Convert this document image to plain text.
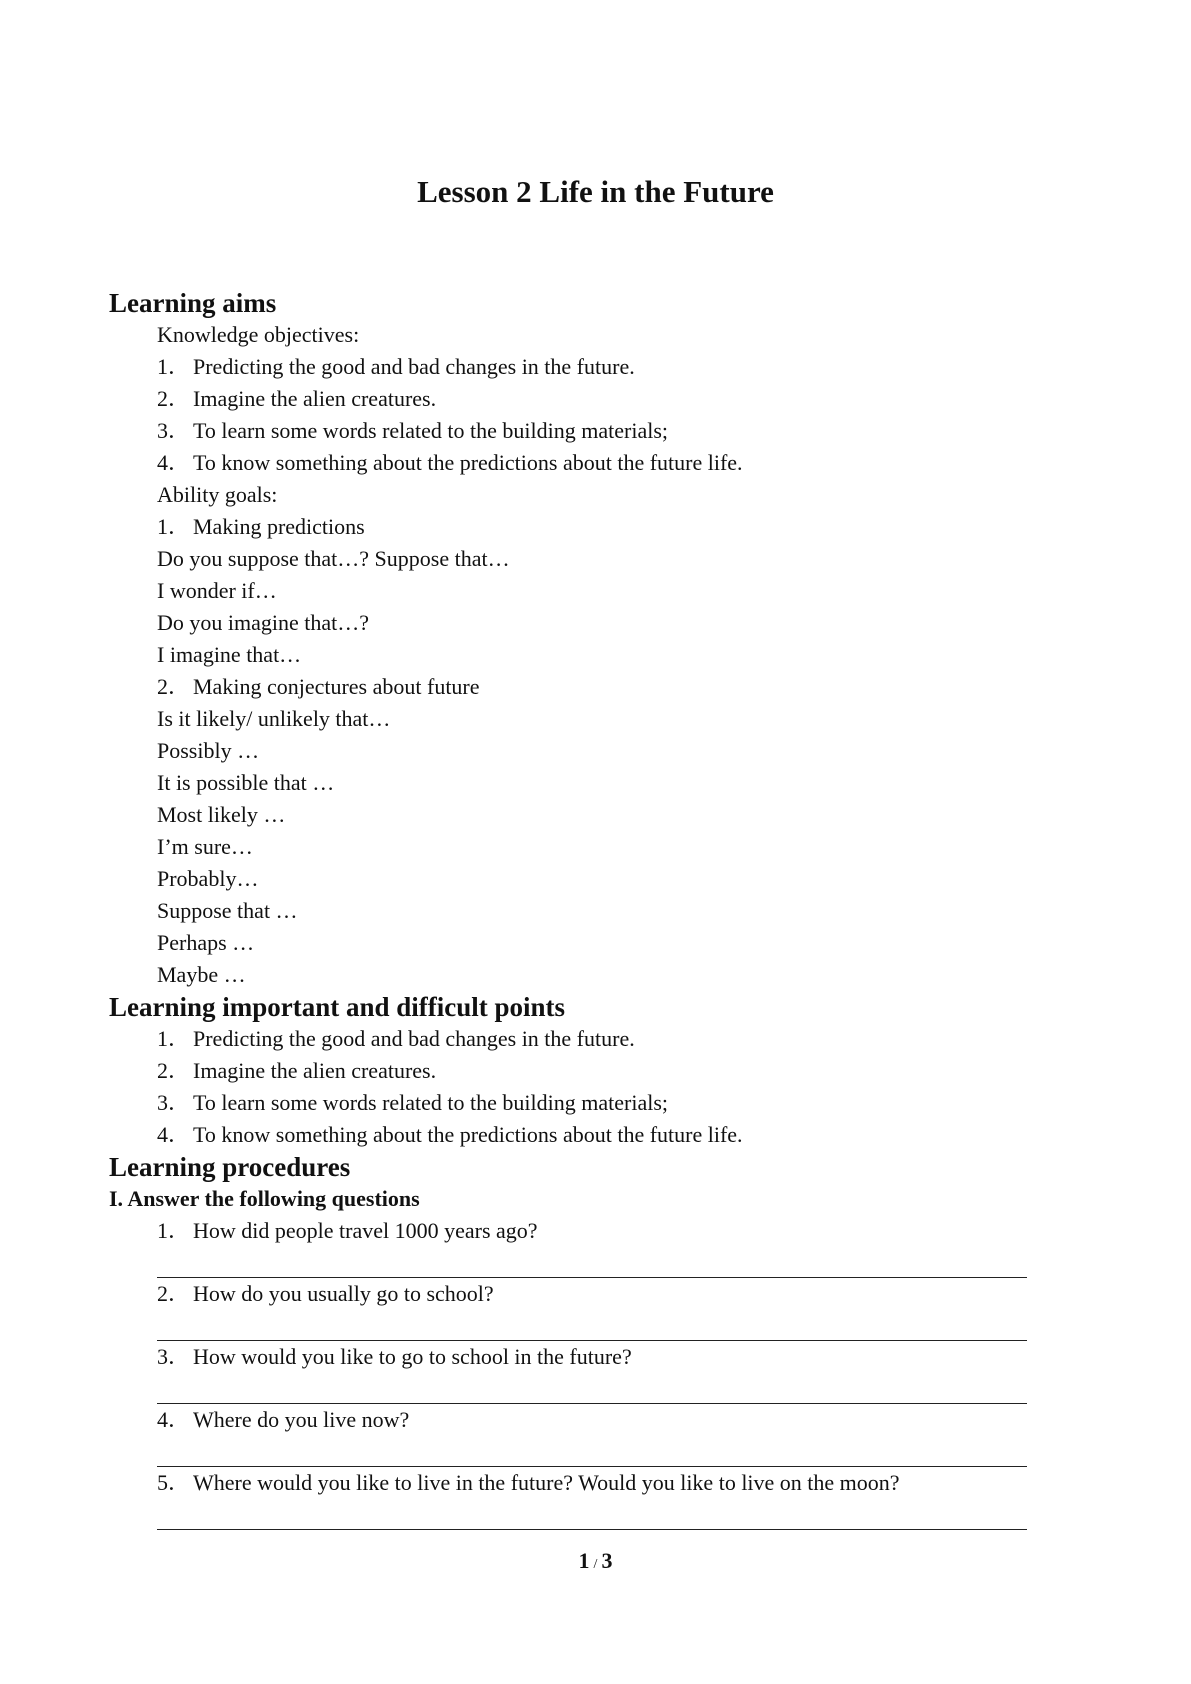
Lesson 2 Life in the Future
Learning aims
Knowledge objectives:
1． Predicting the good and bad changes in the future.
2． Imagine the alien creatures.
3． To learn some words related to the building materials;
4． To know something about the predictions about the future life.
Ability goals:
1． Making predictions
Do you suppose that…? Suppose that…
I wonder if…
Do you imagine that…?
I imagine that…
2． Making conjectures about future
Is it likely/ unlikely that…
Possibly …
It is possible that …
Most likely …
I’m sure…
Probably…
Suppose that …
Perhaps …
Maybe …
Learning important and difficult points
1． Predicting the good and bad changes in the future.
2． Imagine the alien creatures.
3． To learn some words related to the building materials;
4． To know something about the predictions about the future life.
Learning procedures
I. Answer the following questions
1． How did people travel 1000 years ago?
2． How do you usually go to school?
3． How would you like to go to school in the future?
4． Where do you live now?
5． Where would you like to live in the future? Would you like to live on the moon?
1 / 3
